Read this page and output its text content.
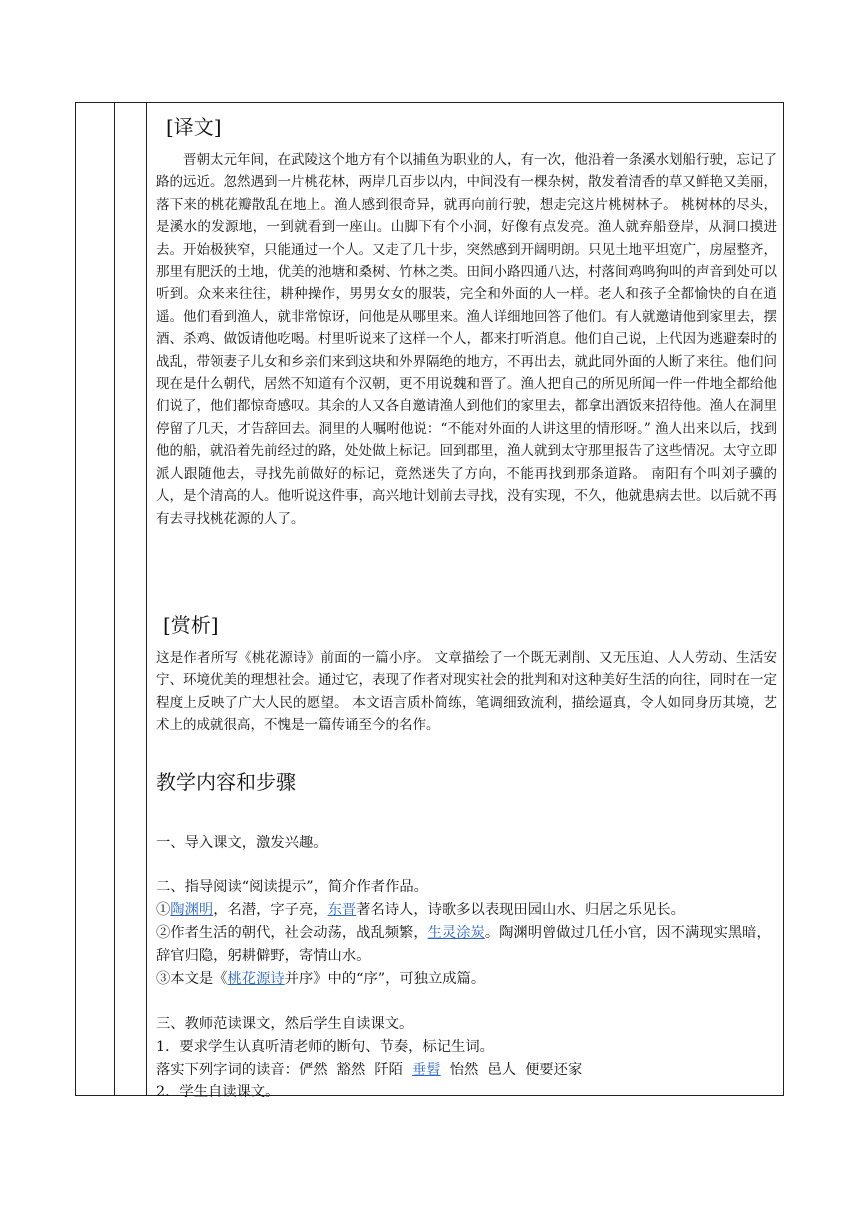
[译文]

晋朝太元年间，在武陵这个地方有个以捕鱼为职业的人，有一次，他沿着一条溪水划船行驶，忘记了路的远近。忽然遇到一片桃花林，两岸几百步以内，中间没有一棵杂树，散发着清香的草又鲜艳又美丽，落下来的桃花瓣散乱在地上。渔人感到很奇异，就再向前行驶，想走完这片桃树林子。 桃树林的尽头，是溪水的发源地，一到就看到一座山。山脚下有个小洞，好像有点发亮。渔人就弃船登岸，从洞口摸进去。开始极狭窄，只能通过一个人。又走了几十步，突然感到开阔明朗。只见土地平坦宽广，房屋整齐，那里有肥沃的土地，优美的池塘和桑树、竹林之类。田间小路四通八达，村落间鸡鸣狗叫的声音到处可以听到。众来来往往，耕种操作，男男女女的服装，完全和外面的人一样。老人和孩子全都愉快的自在逍遥。他们看到渔人，就非常惊讶，问他是从哪里来。渔人详细地回答了他们。有人就邀请他到家里去，摆酒、杀鸡、做饭请他吃喝。村里听说来了这样一个人，都来打听消息。他们自己说，上代因为逃避秦时的战乱，带领妻子儿女和乡亲们来到这块和外界隔绝的地方，不再出去，就此同外面的人断了来往。他们问现在是什么朝代，居然不知道有个汉朝，更不用说魏和晋了。渔人把自己的所见所闻一件一件地全都给他们说了，他们都惊奇感叹。其余的人又各自邀请渔人到他们的家里去，都拿出酒饭来招待他。渔人在洞里停留了几天，才告辞回去。洞里的人嘱咐他说：“不能对外面的人讲这里的情形呀。” 渔人出来以后，找到他的船，就沿着先前经过的路，处处做上标记。回到郡里，渔人就到太守那里报告了这些情况。太守立即派人跟随他去，寻找先前做好的标记，竟然迷失了方向，不能再找到那条道路。 南阳有个叫刘子骥的人，是个清高的人。他听说这件事，高兴地计划前去寻找，没有实现，不久，他就患病去世。以后就不再有去寻找桃花源的人了。

[赏析]

这是作者所写《桃花源诗》前面的一篇小序。 文章描绘了一个既无剥削、又无压迫、人人劳动、生活安宁、环境优美的理想社会。通过它，表现了作者对现实社会的批判和对这种美好生活的向往，同时在一定程度上反映了广大人民的愿望。 本文语言质朴简练，笔调细致流利，描绘逼真，令人如同身历其境，艺术上的成就很高，不愧是一篇传诵至今的名作。

教学内容和步骤
一、导入课文，激发兴趣。
二、指导阅读“阅读提示”，简介作者作品。
①陶渊明，名潜，字子亮，东晋著名诗人，诗歌多以表现田园山水、归居之乐见长。
②作者生活的朝代，社会动荡，战乱频繁，生灵涂炭。陶渊明曾做过几任小官，因不满现实黑暗，辞官归隐，躬耕僻野，寄情山水。
③本文是《桃花源诗并序》中的“序”，可独立成篇。
三、教师范读课文，然后学生自读课文。
1．要求学生认真听清老师的断句、节奏，标记生词。
落实下列字词的读音：俨然  豁然  阡陌  垂髫  怡然  邑人  便要还家
2．学生自读课文。
